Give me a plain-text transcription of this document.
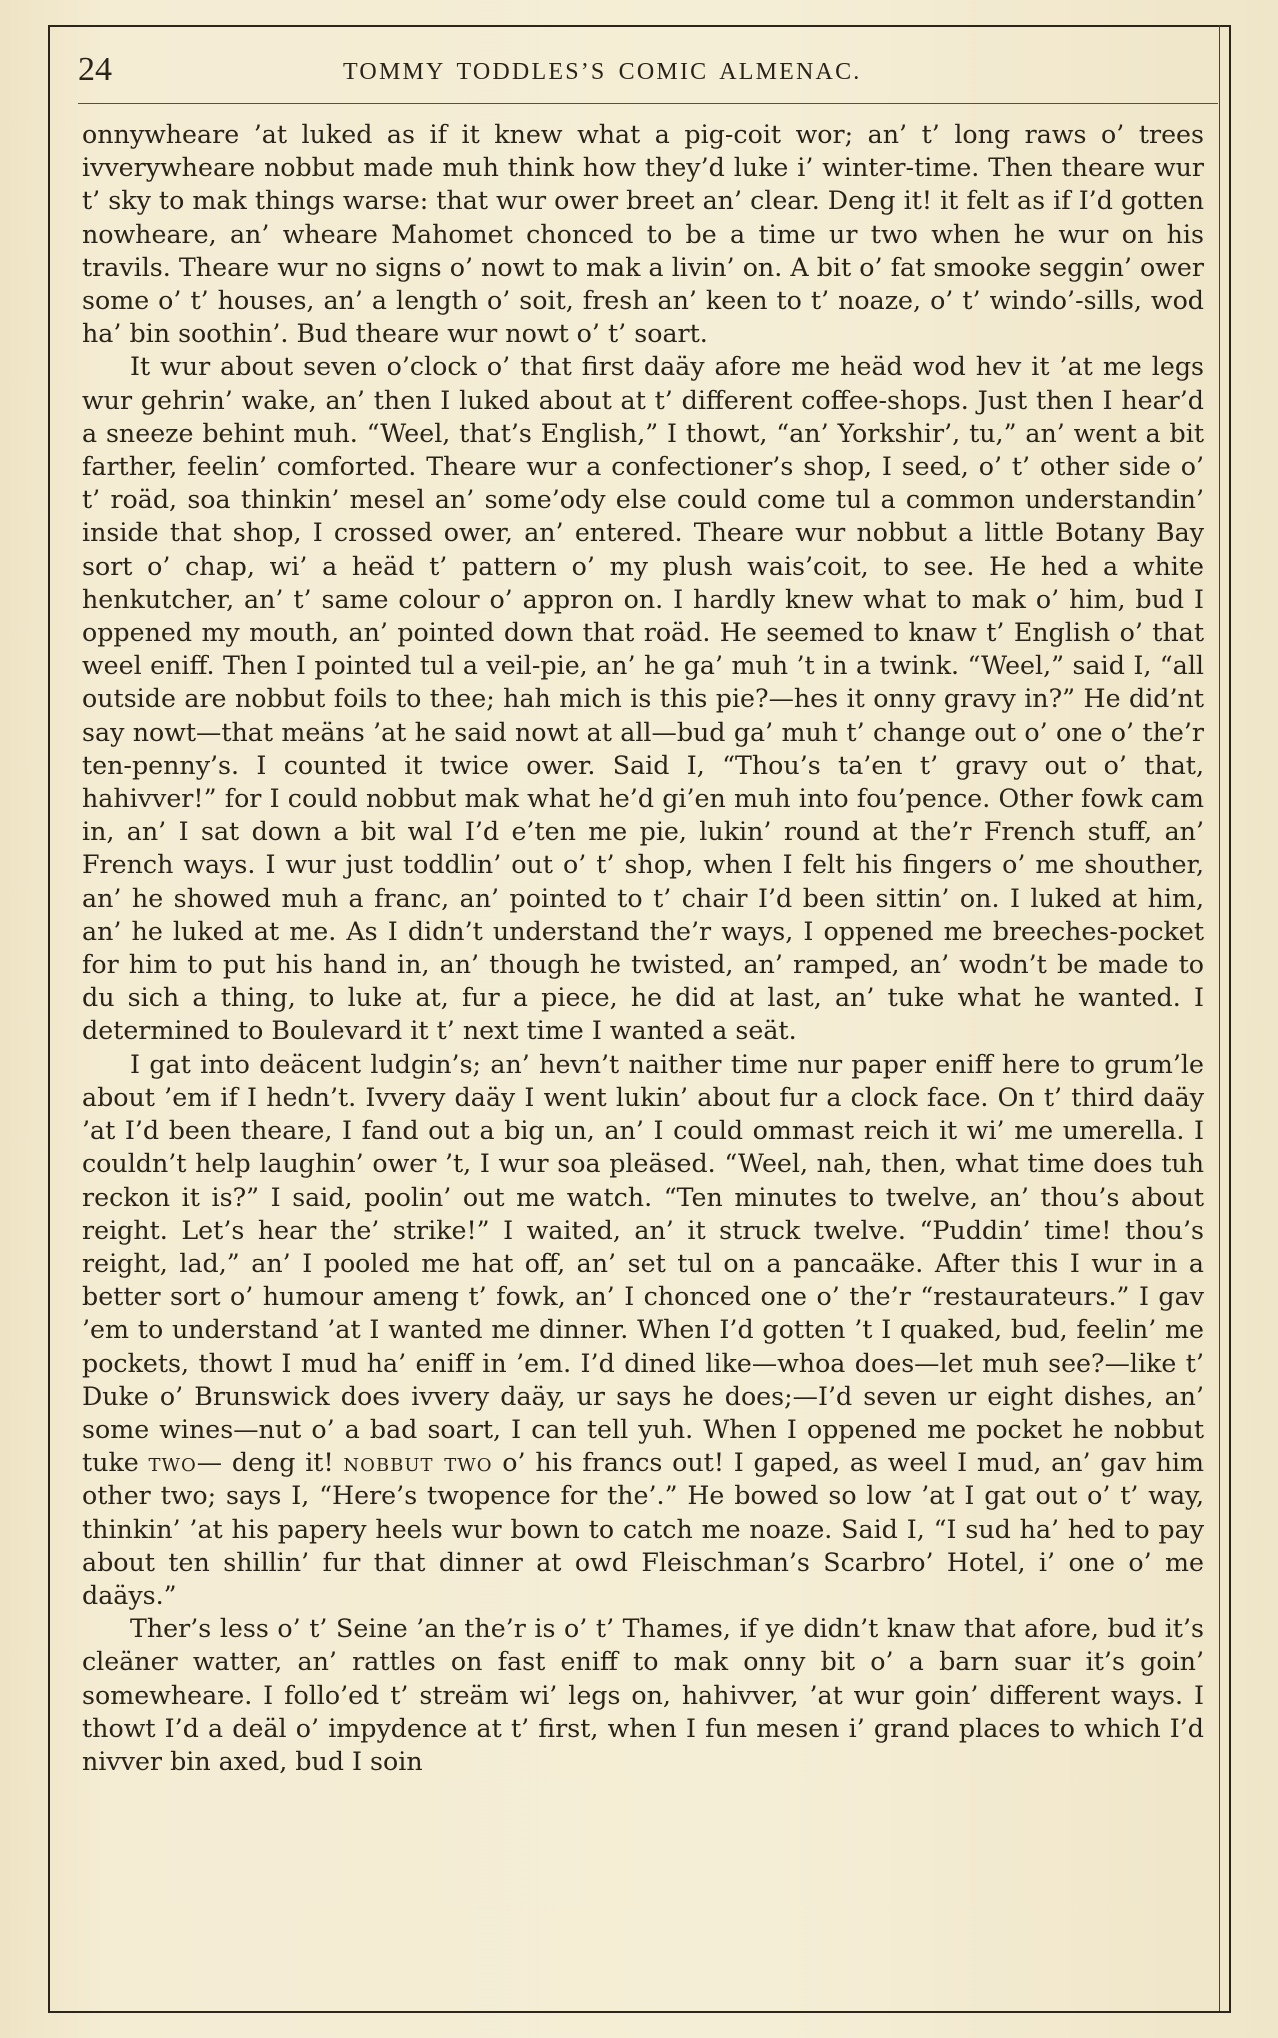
24	TOMMY TODDLES’S COMIC ALMENAC.

onnywheare ’at luked as if it knew what a pig-coit wor; an’ t’ long raws o’ trees ivverywheare nobbut made muh think how they’d luke i’ winter-time. Then theare wur t’ sky to mak things warse: that wur ower breet an’ clear. Deng it! it felt as if I’d gotten nowheare, an’ wheare Mahomet chonced to be a time ur two when he wur on his travils. Theare wur no signs o’ nowt to mak a livin’ on. A bit o’ fat smooke seggin’ ower some o’ t’ houses, an’ a length o’ soit, fresh an’ keen to t’ noaze, o’ t’ windo’-sills, wod ha’ bin soothin’. Bud theare wur nowt o’ t’ soart.

It wur about seven o’clock o’ that first daäy afore me heäd wod hev it ’at me legs wur gehrin’ wake, an’ then I luked about at t’ different coffee-shops. Just then I hear’d a sneeze behint muh. “Weel, that’s English,” I thowt, “an’ Yorkshir’, tu,” an’ went a bit farther, feelin’ comforted. Theare wur a confectioner’s shop, I seed, o’ t’ other side o’ t’ roäd, soa thinkin’ mesel an’ some’ody else could come tul a common understandin’ inside that shop, I crossed ower, an’ entered. Theare wur nobbut a little Botany Bay sort o’ chap, wi’ a heäd t’ pattern o’ my plush wais’coit, to see. He hed a white henkutcher, an’ t’ same colour o’ appron on. I hardly knew what to mak o’ him, bud I oppened my mouth, an’ pointed down that roäd. He seemed to knaw t’ English o’ that weel eniff. Then I pointed tul a veil-pie, an’ he ga’ muh ’t in a twink. “Weel,” said I, “all outside are nobbut foils to thee; hah mich is this pie?—hes it onny gravy in?” He did’nt say nowt—that meäns ’at he said nowt at all—bud ga’ muh t’ change out o’ one o’ the’r ten-penny’s. I counted it twice ower. Said I, “Thou’s ta’en t’ gravy out o’ that, hahivver!” for I could nobbut mak what he’d gi’en muh into fou’pence. Other fowk cam in, an’ I sat down a bit wal I’d e’ten me pie, lukin’ round at the’r French stuff, an’ French ways. I wur just toddlin’ out o’ t’ shop, when I felt his fingers o’ me shouther, an’ he showed muh a franc, an’ pointed to t’ chair I’d been sittin’ on. I luked at him, an’ he luked at me. As I didn’t understand the’r ways, I oppened me breeches-pocket for him to put his hand in, an’ though he twisted, an’ ramped, an’ wodn’t be made to du sich a thing, to luke at, fur a piece, he did at last, an’ tuke what he wanted. I determined to Boulevard it t’ next time I wanted a seät.

I gat into deäcent ludgin’s; an’ hevn’t naither time nur paper eniff here to grum’le about ’em if I hedn’t. Ivvery daäy I went lukin’ about fur a clock face. On t’ third daäy ’at I’d been theare, I fand out a big un, an’ I could ommast reich it wi’ me umerella. I couldn’t help laughin’ ower ’t, I wur soa pleäsed. “Weel, nah, then, what time does tuh reckon it is?” I said, poolin’ out me watch. “Ten minutes to twelve, an’ thou’s about reight. Let’s hear the’ strike!” I waited, an’ it struck twelve. “Puddin’ time! thou’s reight, lad,” an’ I pooled me hat off, an’ set tul on a pancaäke. After this I wur in a better sort o’ humour ameng t’ fowk, an’ I chonced one o’ the’r “restaurateurs.” I gav ’em to understand ’at I wanted me dinner. When I’d gotten ’t I quaked, bud, feelin’ me pockets, thowt I mud ha’ eniff in ’em. I’d dined like—whoa does—let muh see?—like t’ Duke o’ Brunswick does ivvery daäy, ur says he does;—I’d seven ur eight dishes, an’ some wines—nut o’ a bad soart, I can tell yuh. When I oppened me pocket he nobbut tuke two— deng it! nobbut two o’ his francs out! I gaped, as weel I mud, an’ gav him other two; says I, “Here’s twopence for the’.” He bowed so low ’at I gat out o’ t’ way, thinkin’ ’at his papery heels wur bown to catch me noaze. Said I, “I sud ha’ hed to pay about ten shillin’ fur that dinner at owd Fleischman’s Scarbro’ Hotel, i’ one o’ me daäys.”

Ther’s less o’ t’ Seine ’an the’r is o’ t’ Thames, if ye didn’t knaw that afore, bud it’s cleäner watter, an’ rattles on fast eniff to mak onny bit o’ a barn suar it’s goin’ somewheare. I follo’ed t’ streäm wi’ legs on, hahivver, ’at wur goin’ different ways. I thowt I’d a deäl o’ impydence at t’ first, when I fun mesen i’ grand places to which I’d nivver bin axed, bud I soin
